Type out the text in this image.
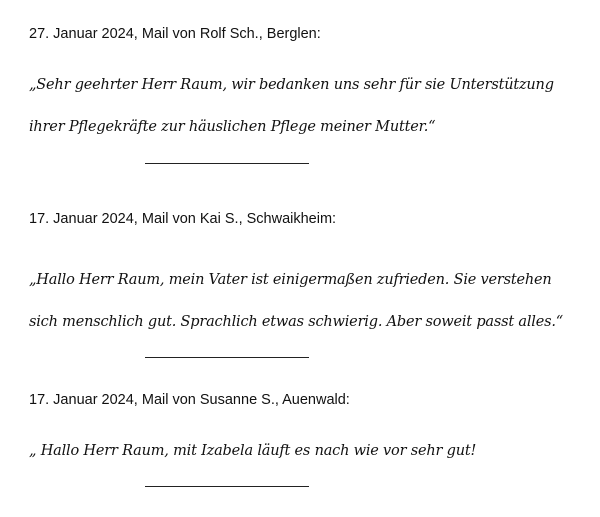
27. Januar 2024, Mail von Rolf Sch., Berglen:
„Sehr geehrter Herr Raum, wir bedanken uns sehr für sie Unterstützung
ihrer Pflegekräfte zur häuslichen Pflege meiner Mutter.“
17. Januar 2024, Mail von Kai S., Schwaikheim:
„Hallo Herr Raum, mein Vater ist einigermaßen zufrieden. Sie verstehen
sich menschlich gut. Sprachlich etwas schwierig. Aber soweit passt alles.“
17. Januar 2024, Mail von Susanne S., Auenwald:
„ Hallo Herr Raum, mit Izabela läuft es nach wie vor sehr gut!
